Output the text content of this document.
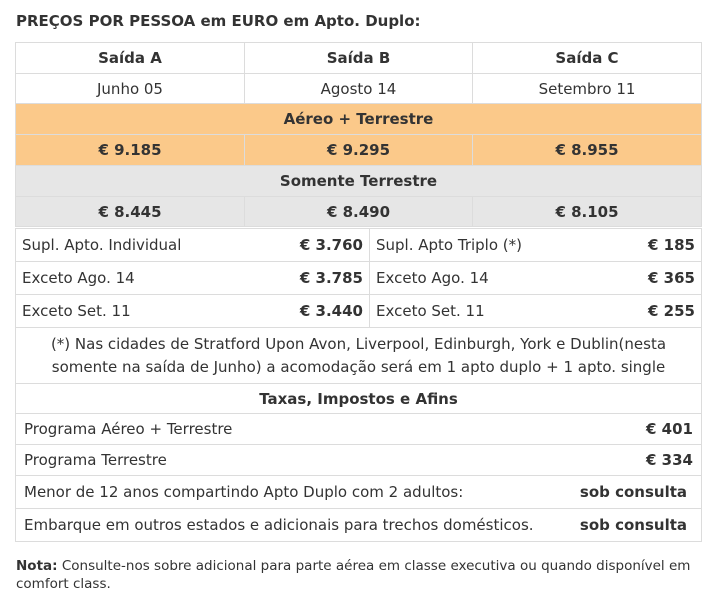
PREÇOS POR PESSOA em EURO em Apto. Duplo:
Saída A	Saída B	Saída C
Junho 05	Agosto 14	Setembro 11
Aéreo + Terrestre		
€ 9.185	€ 9.295	€ 8.955
Somente Terrestre		
€ 8.445	€ 8.490	€ 8.105
Supl. Apto. Individual	€ 3.760	Supl. Apto Triplo (*)	€ 185
Exceto Ago. 14	€ 3.785	Exceto Ago. 14	€ 365
Exceto Set. 11	€ 3.440	Exceto Set. 11	€ 255
(*) Nas cidades de Stratford Upon Avon, Liverpool, Edinburgh, York e Dublin(nesta somente na saída de Junho) a acomodação será em 1 apto duplo + 1 apto. single	
Taxas, Impostos e Afins	
Programa Aéreo + Terrestre	€ 401
Programa Terrestre	€ 334
Menor de 12 anos compartindo Apto Duplo com 2 adultos:	sob consulta
Embarque em outros estados e adicionais para trechos domésticos.	sob consulta
Nota: Consulte-nos sobre adicional para parte aérea em classe executiva ou quando disponível em comfort class.
